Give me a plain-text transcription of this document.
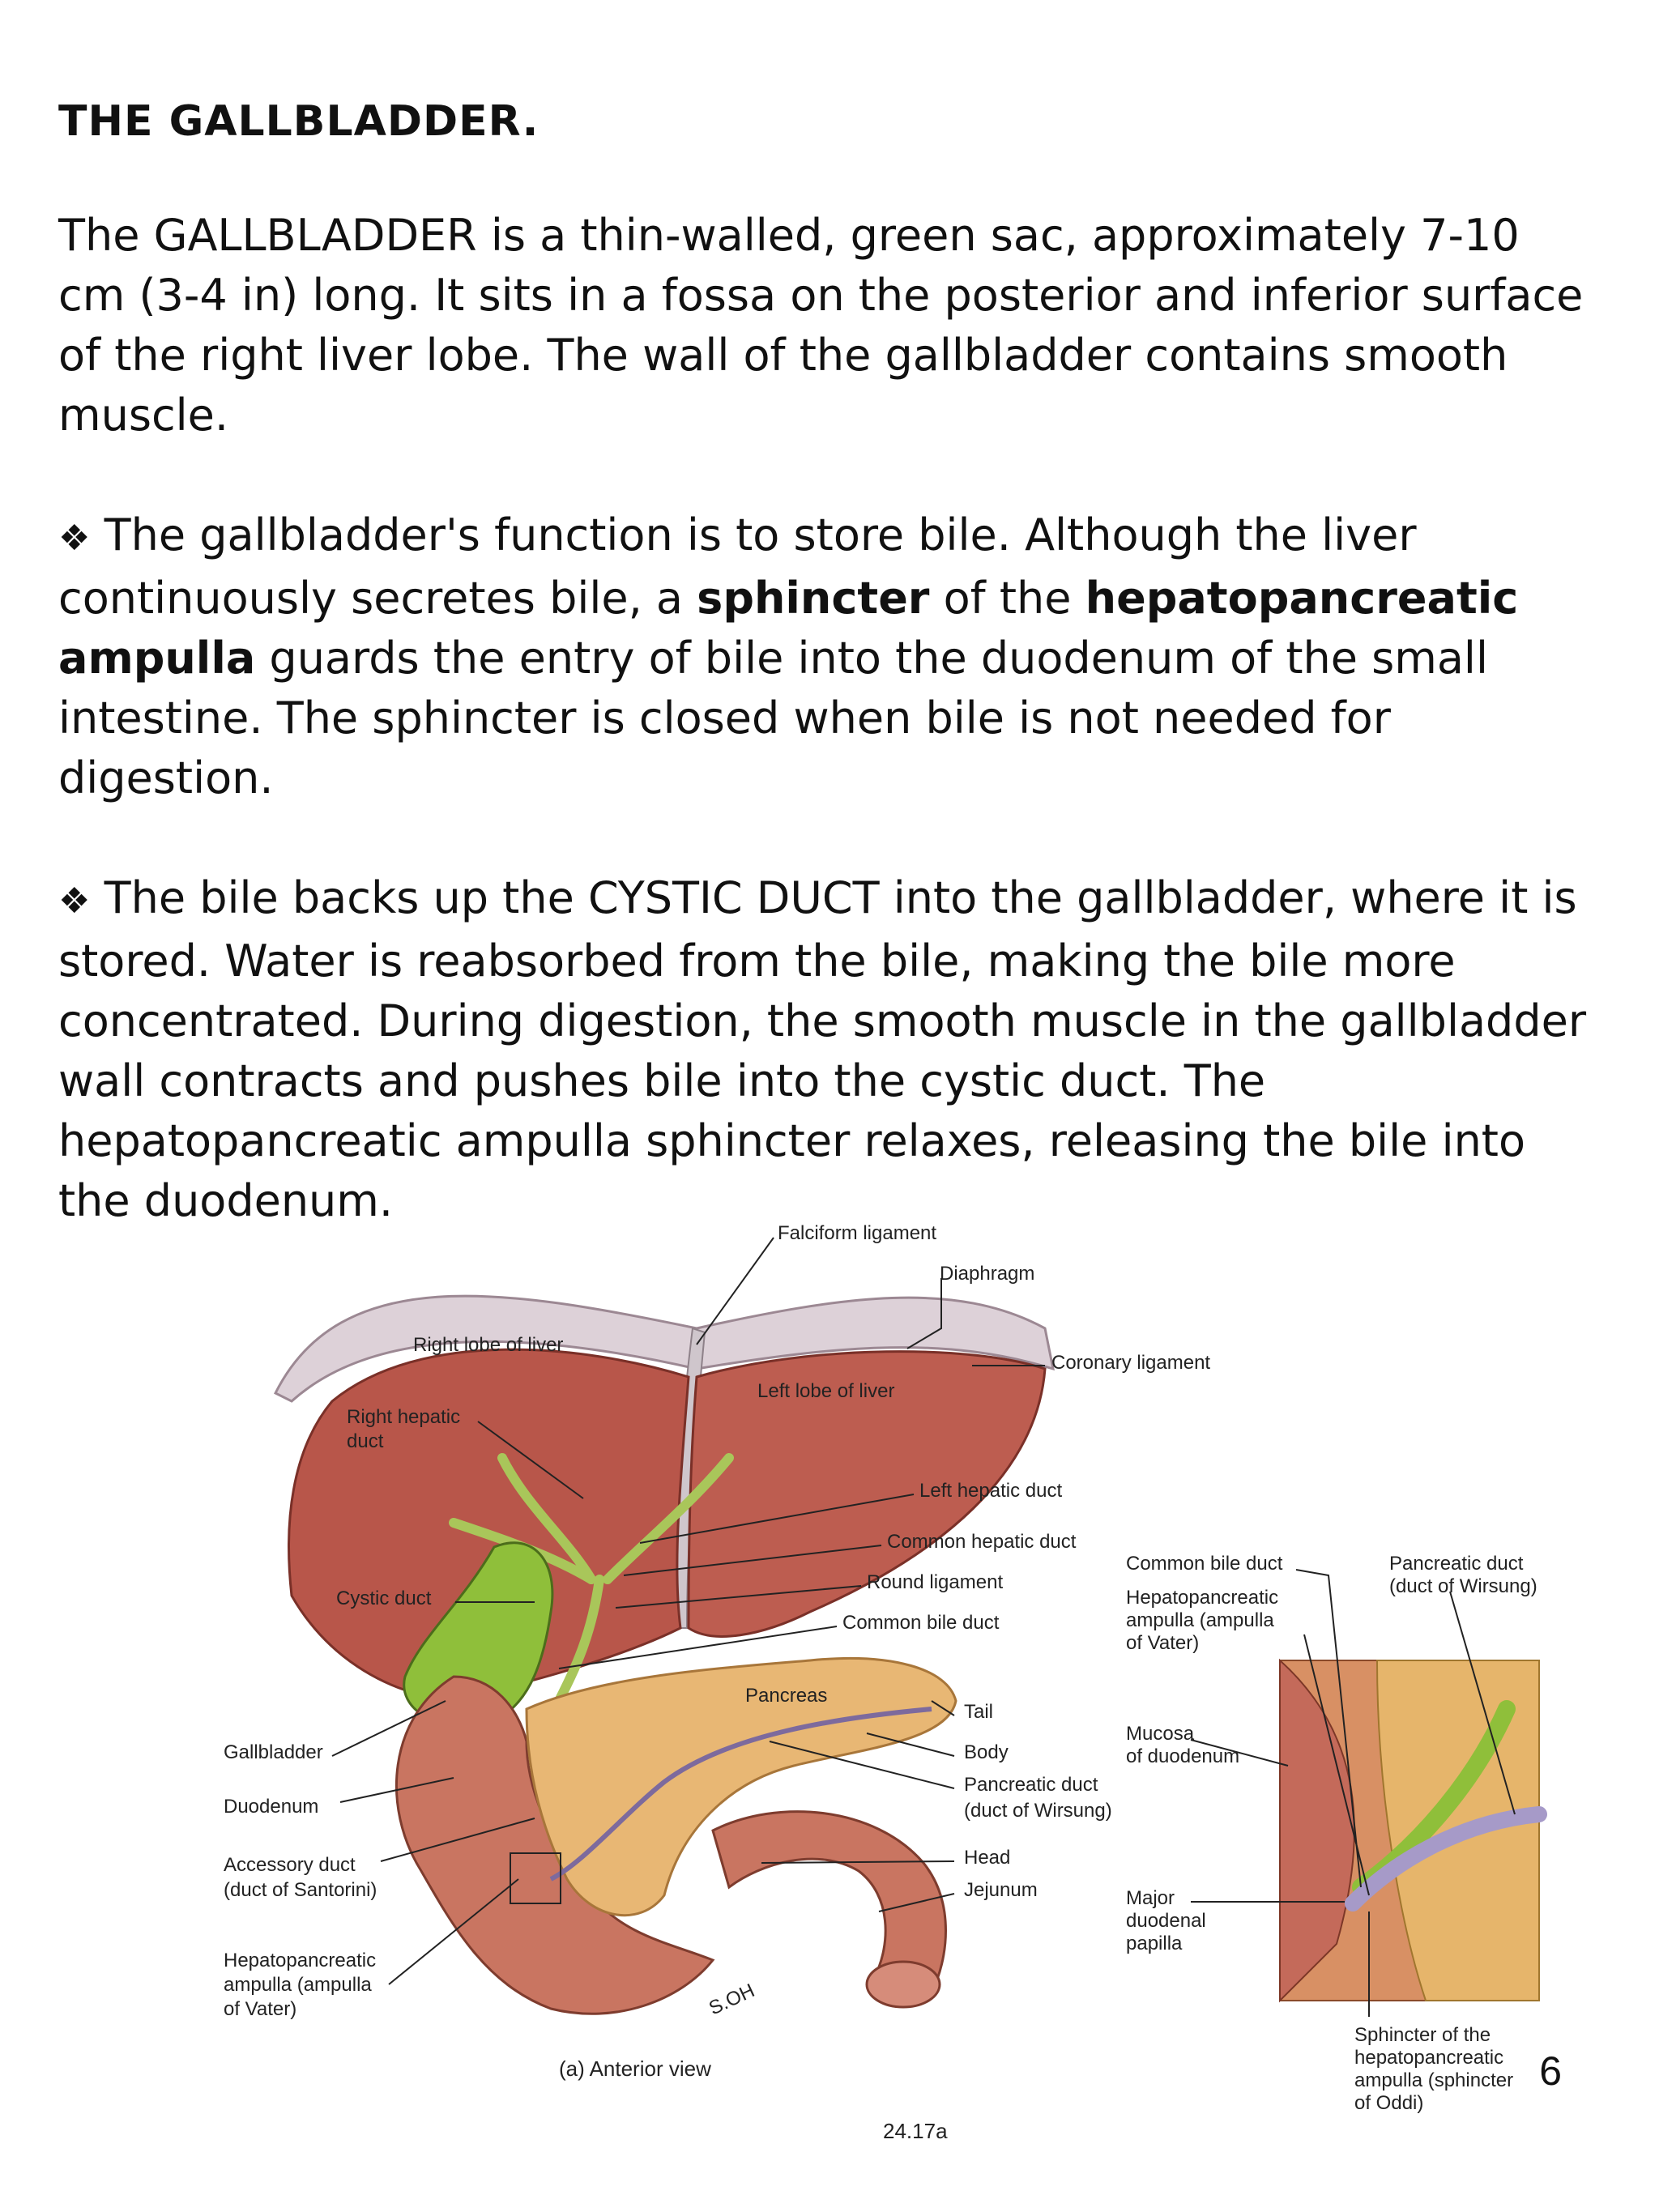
THE GALLBLADDER.

The GALLBLADDER is a thin-walled, green sac, approximately 7-10 cm (3-4 in) long. It sits in a fossa on the posterior and inferior surface of the right liver lobe. The wall of the gallbladder contains smooth muscle.

❖ The gallbladder's function is to store bile. Although the liver continuously secretes bile, a sphincter of the hepatopancreatic ampulla guards the entry of bile into the duodenum of the small intestine. The sphincter is closed when bile is not needed for digestion.

❖ The bile backs up the CYSTIC DUCT into the gallbladder, where it is stored. Water is reabsorbed from the bile, making the bile more concentrated. During digestion, the smooth muscle in the gallbladder wall contracts and pushes bile into the cystic duct. The hepatopancreatic ampulla sphincter relaxes, releasing the bile into the duodenum.

Falciform ligament
Diaphragm
Coronary ligament
Right lobe of liver
Left lobe of liver
Right hepatic
duct
Left hepatic duct
Common hepatic duct
Round ligament
Cystic duct
Common bile duct
Pancreas
Tail
Body
Pancreatic duct
(duct of Wirsung)
Head
Jejunum
Gallbladder
Duodenum
Accessory duct
(duct of Santorini)
Hepatopancreatic
ampulla (ampulla
of Vater)	S.OH
(a) Anterior view
24.17a
Common bile duct
Hepatopancreatic
ampulla (ampulla
of Vater)
Pancreatic duct
(duct of Wirsung)
Mucosa
of duodenum
Major
duodenal
papilla
Sphincter of the
hepatopancreatic
ampulla (sphincter
of Oddi)
6
